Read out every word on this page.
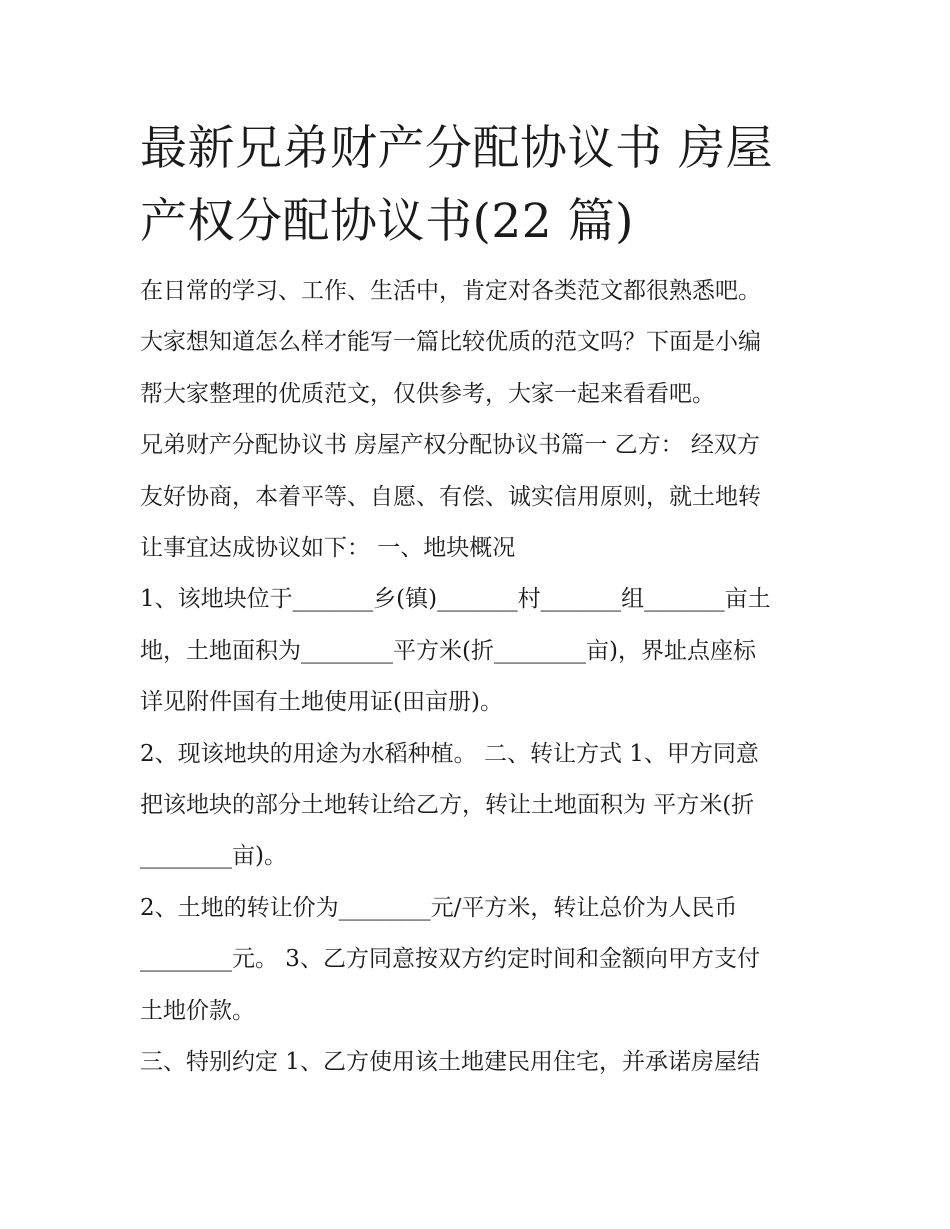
最新兄弟财产分配协议书 房屋
产权分配协议书(22 篇)
在日常的学习、工作、生活中，肯定对各类范文都很熟悉吧。
大家想知道怎么样才能写一篇比较优质的范文吗？下面是小编
帮大家整理的优质范文，仅供参考，大家一起来看看吧。
兄弟财产分配协议书 房屋产权分配协议书篇一 乙方： 经双方
友好协商，本着平等、自愿、有偿、诚实信用原则，就土地转
让事宜达成协议如下： 一、地块概况
1、该地块位于_______乡(镇)_______村_______组_______亩土
地，土地面积为________平方米(折________亩)，界址点座标
详见附件国有土地使用证(田亩册)。
2、现该地块的用途为水稻种植。 二、转让方式 1、甲方同意
把该地块的部分土地转让给乙方，转让土地面积为 平方米(折
________亩)。
2、土地的转让价为________元/平方米，转让总价为人民币
________元。 3、乙方同意按双方约定时间和金额向甲方支付
土地价款。
三、特别约定 1、乙方使用该土地建民用住宅，并承诺房屋结
